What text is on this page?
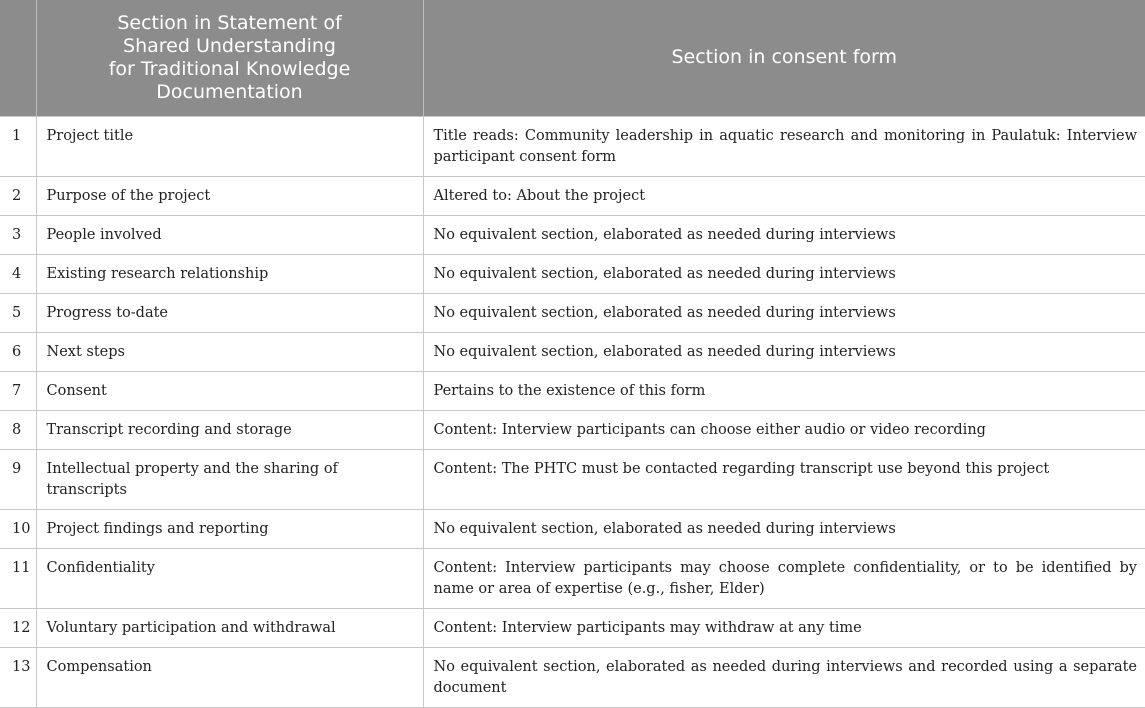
	Section in Statement of
Shared Understanding
for Traditional Knowledge
Documentation	Section in consent form

1	Project title	Title reads: Community leadership in aquatic research and monitoring in Paulatuk: Interview participant consent form
2	Purpose of the project	Altered to: About the project
3	People involved	No equivalent section, elaborated as needed during interviews
4	Existing research relationship	No equivalent section, elaborated as needed during interviews
5	Progress to-date	No equivalent section, elaborated as needed during interviews
6	Next steps	No equivalent section, elaborated as needed during interviews
7	Consent	Pertains to the existence of this form
8	Transcript recording and storage	Content: Interview participants can choose either audio or video recording
9	Intellectual property and the sharing of transcripts	Content: The PHTC must be contacted regarding transcript use beyond this project
10	Project findings and reporting	No equivalent section, elaborated as needed during interviews
11	Confidentiality	Content: Interview participants may choose complete confidentiality, or to be identified by name or area of expertise (e.g., fisher, Elder)
12	Voluntary participation and withdrawal	Content: Interview participants may withdraw at any time
13	Compensation	No equivalent section, elaborated as needed during interviews and recorded using a separate document
